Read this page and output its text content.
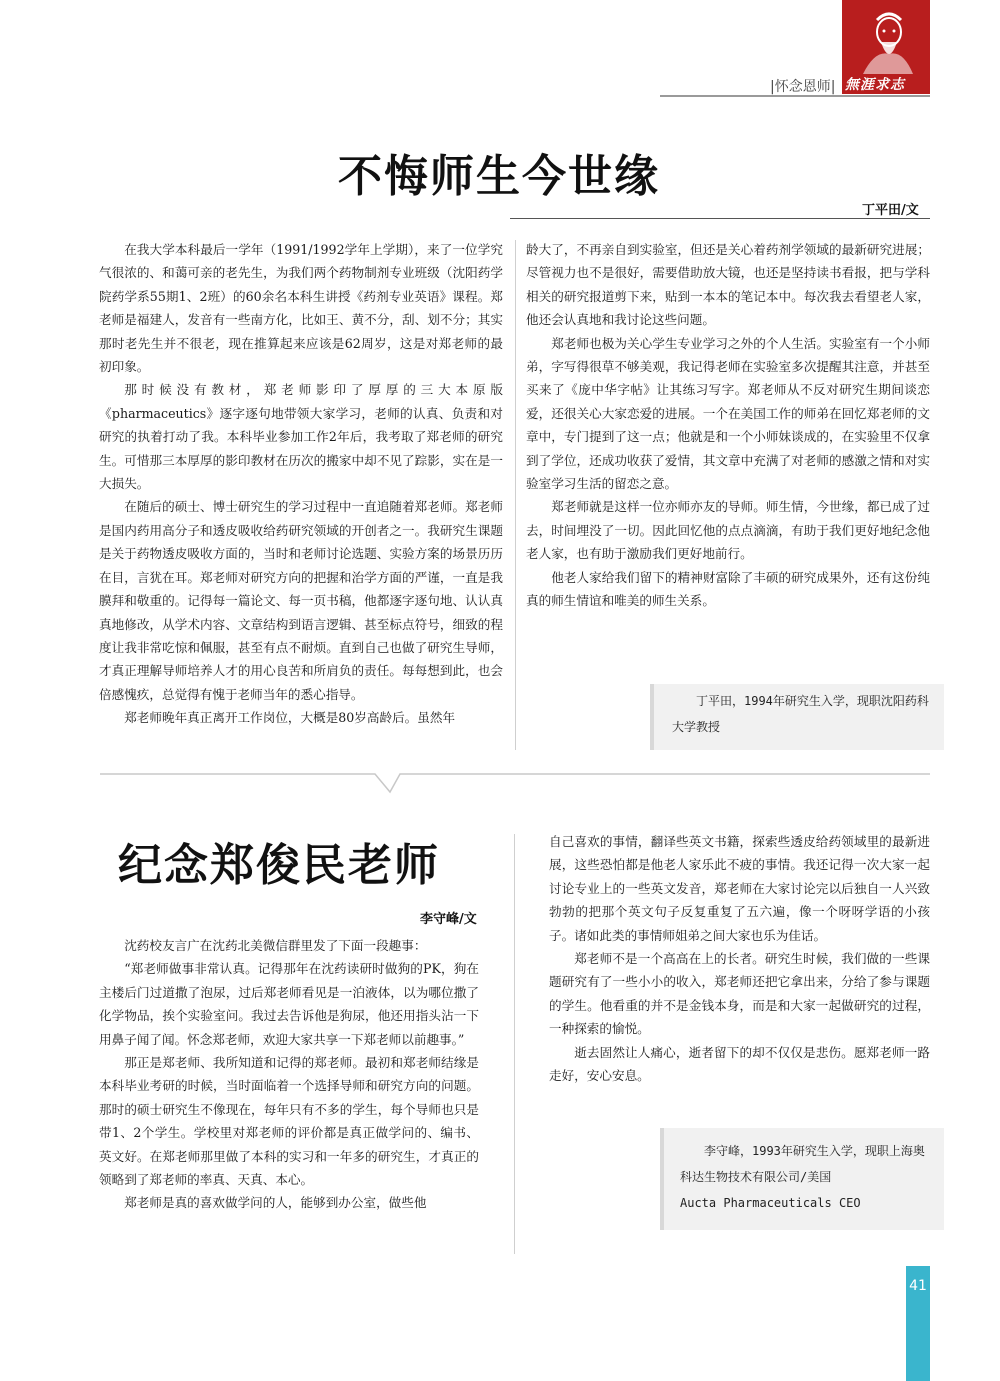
|怀念恩师| 無涯求志
不悔师生今世缘
丁平田/文

在我大学本科最后一学年（1991/1992学年上学期），来了一位学究气很浓的、和蔼可亲的老先生，为我们两个药物制剂专业班级（沈阳药学院药学系55期1、2班）的60余名本科生讲授《药剂专业英语》课程。郑老师是福建人，发音有一些南方化，比如王、黄不分，刮、划不分；其实那时老先生并不很老，现在推算起来应该是62周岁，这是对郑老师的最初印象。

那时候没有教材，郑老师影印了厚厚的三大本原版《pharmaceutics》逐字逐句地带领大家学习，老师的认真、负责和对研究的执着打动了我。本科毕业参加工作2年后，我考取了郑老师的研究生。可惜那三本厚厚的影印教材在历次的搬家中却不见了踪影，实在是一大损失。

在随后的硕士、博士研究生的学习过程中一直追随着郑老师。郑老师是国内药用高分子和透皮吸收给药研究领域的开创者之一。我研究生课题是关于药物透皮吸收方面的，当时和老师讨论选题、实验方案的场景历历在目，言犹在耳。郑老师对研究方向的把握和治学方面的严谨，一直是我膜拜和敬重的。记得每一篇论文、每一页书稿，他都逐字逐句地、认认真真地修改，从学术内容、文章结构到语言逻辑、甚至标点符号，细致的程度让我非常吃惊和佩服，甚至有点不耐烦。直到自己也做了研究生导师，才真正理解导师培养人才的用心良苦和所肩负的责任。每每想到此，也会倍感愧疚，总觉得有愧于老师当年的悉心指导。

郑老师晚年真正离开工作岗位，大概是80岁高龄后。虽然年

龄大了，不再亲自到实验室，但还是关心着药剂学领域的最新研究进展；尽管视力也不是很好，需要借助放大镜，也还是坚持读书看报，把与学科相关的研究报道剪下来，贴到一本本的笔记本中。每次我去看望老人家，他还会认真地和我讨论这些问题。

郑老师也极为关心学生专业学习之外的个人生活。实验室有一个小师弟，字写得很草不够美观，我记得老师在实验室多次提醒其注意，并甚至买来了《庞中华字帖》让其练习写字。郑老师从不反对研究生期间谈恋爱，还很关心大家恋爱的进展。一个在美国工作的师弟在回忆郑老师的文章中，专门提到了这一点；他就是和一个小师妹谈成的，在实验里不仅拿到了学位，还成功收获了爱情，其文章中充满了对老师的感激之情和对实验室学习生活的留恋之意。

郑老师就是这样一位亦师亦友的导师。师生情，今世缘，都已成了过去，时间埋没了一切。因此回忆他的点点滴滴，有助于我们更好地纪念他老人家，也有助于激励我们更好地前行。

他老人家给我们留下的精神财富除了丰硕的研究成果外，还有这份纯真的师生情谊和唯美的师生关系。

丁平田，1994年研究生入学，现职沈阳药科大学教授

纪念郑俊民老师
李守峰/文

沈药校友言广在沈药北美微信群里发了下面一段趣事：

“郑老师做事非常认真。记得那年在沈药读研时做狗的PK，狗在主楼后门过道撒了泡尿，过后郑老师看见是一泊液体，以为哪位撒了化学物品，挨个实验室问。我过去告诉他是狗尿，他还用指头沾一下用鼻子闻了闻。怀念郑老师，欢迎大家共享一下郑老师以前趣事。”

那正是郑老师、我所知道和记得的郑老师。最初和郑老师结缘是本科毕业考研的时候，当时面临着一个选择导师和研究方向的问题。那时的硕士研究生不像现在，每年只有不多的学生，每个导师也只是带1、2个学生。学校里对郑老师的评价都是真正做学问的、编书、英文好。在郑老师那里做了本科的实习和一年多的研究生，才真正的领略到了郑老师的率真、天真、本心。

郑老师是真的喜欢做学问的人，能够到办公室，做些他

自己喜欢的事情，翻译些英文书籍，探索些透皮给药领域里的最新进展，这些恐怕都是他老人家乐此不疲的事情。我还记得一次大家一起讨论专业上的一些英文发音，郑老师在大家讨论完以后独自一人兴致勃勃的把那个英文句子反复重复了五六遍，像一个呀呀学语的小孩子。诸如此类的事情师姐弟之间大家也乐为佳话。

郑老师不是一个高高在上的长者。研究生时候，我们做的一些课题研究有了一些小小的收入，郑老师还把它拿出来，分给了参与课题的学生。他看重的并不是金钱本身，而是和大家一起做研究的过程，一种探索的愉悦。

逝去固然让人痛心，逝者留下的却不仅仅是悲伤。愿郑老师一路走好，安心安息。

李守峰，1993年研究生入学，现职上海奥科达生物技术有限公司/美国

Aucta Pharmaceuticals CEO

41
